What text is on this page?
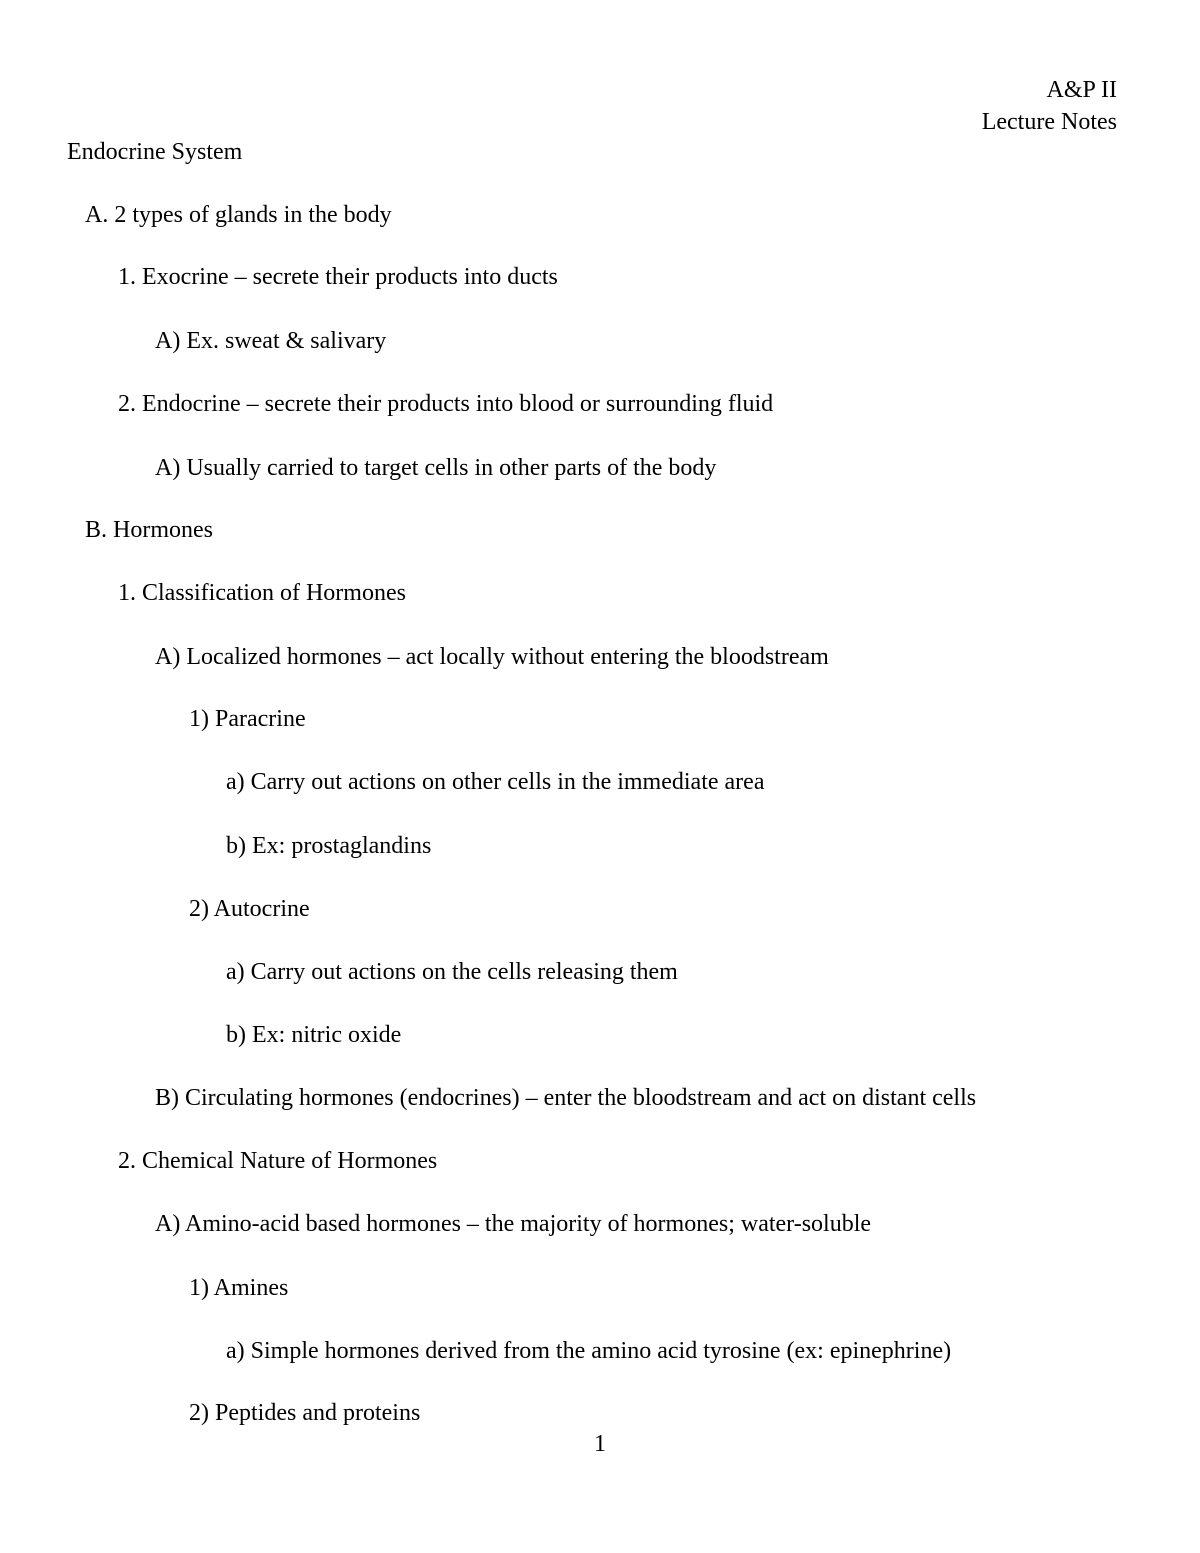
A&P II
Lecture Notes
Endocrine System
A. 2 types of glands in the body
1. Exocrine – secrete their products into ducts
A) Ex. sweat & salivary
2. Endocrine – secrete their products into blood or surrounding fluid
A) Usually carried to target cells in other parts of the body
B. Hormones
1. Classification of Hormones
A) Localized hormones – act locally without entering the bloodstream
1) Paracrine
a) Carry out actions on other cells in the immediate area
b) Ex: prostaglandins
2) Autocrine
a) Carry out actions on the cells releasing them
b) Ex: nitric oxide
B) Circulating hormones (endocrines) – enter the bloodstream and act on distant cells
2. Chemical Nature of Hormones
A) Amino-acid based hormones – the majority of hormones; water-soluble
1) Amines
a) Simple hormones derived from the amino acid tyrosine (ex: epinephrine)
2) Peptides and proteins
1
